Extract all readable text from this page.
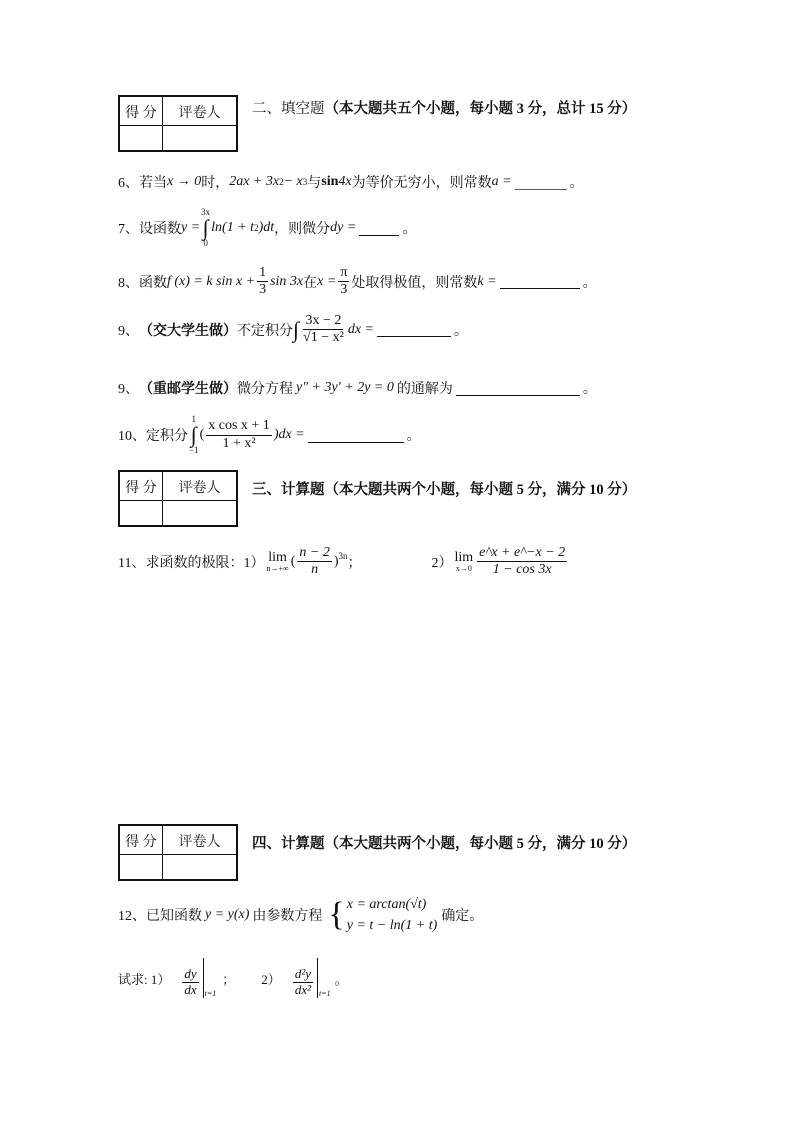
得 分	评卷人	二、填空题（本大题共五个小题，每小题 3 分，总计 15 分）
6、 若当 x → 0 时， 2ax + 3x 2 − x 3 与 sin 4x 为等价无穷小，则常数 a =	。
7、 设函数 y =
3x
∫
0
ln(1 + t 2 )dt ，则微分 dy =	。
8、 函数 f (x) = k $\sin x + \frac{1}{3}$ sin 3x 在 $x = \frac{\pi}{3}$ 处取得极值，则常数 k =	。
9、 （交大学生做） 不定积分 ∫ $\frac{3x - 2}{\text{√1 − x²}}$ dx =	。
9、 （重邮学生做） 微分方程 y″ + 3y′ + 2y = 0 的通解为	。
10、 定积分
1
∫
−1
( $\frac{\text{x cos x + 1}}{\text{1 + x²}} )dx$ =	。
得 分	评卷人	三、计算题（本大题共两个小题，每小题 5 分，满分 10 分）
11、 求函数的极限：1） lim
n→+∞ ( $\frac{n - 2}{n} )^{3n}$ ；	2） lim
$x\to 0 \frac{e\^{}x + e\^{}-x - 2}{1 - \cos 3x}$
得 分	评卷人	四、计算题（本大题共两个小题，每小题 5 分，满分 10 分）
12、 已知函数 y = y(x) 由参数方程 { x = arctan(√t)
y = t − ln(1 + t)
确定。
试求: $1) \frac{dy}{dx} t=1$
； $2) \frac{\text{d²y}}{\text{dx²}} t=1$
。
